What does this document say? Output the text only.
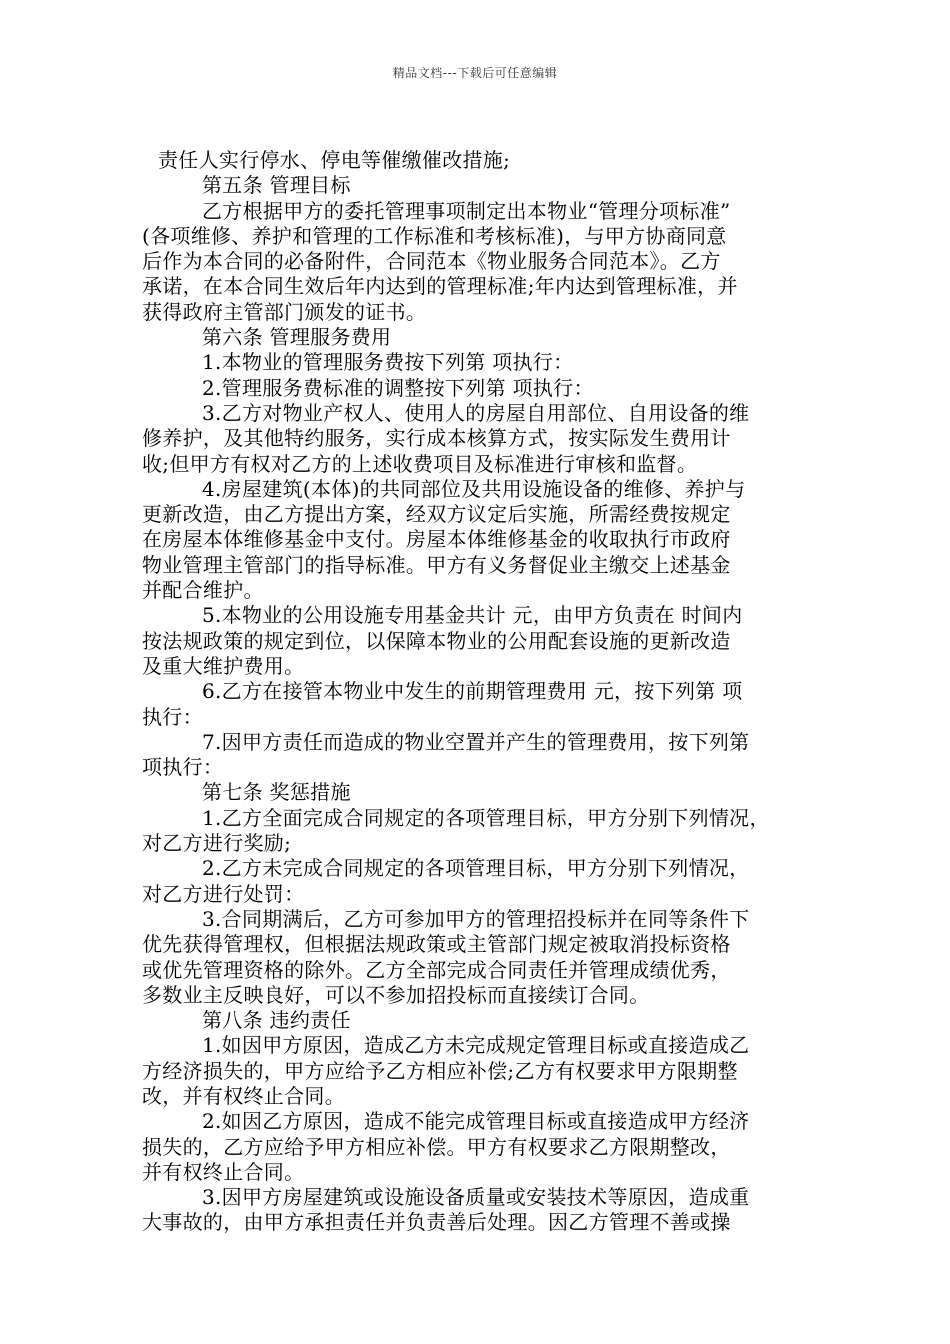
精品文档---下载后可任意编辑
责任人实行停水、停电等催缴催改措施;
第五条 管理目标
乙方根据甲方的委托管理事项制定出本物业“管理分项标准”
(各项维修、养护和管理的工作标准和考核标准)，与甲方协商同意
后作为本合同的必备附件，合同范本《物业服务合同范本》。乙方
承诺，在本合同生效后年内达到的管理标准;年内达到管理标准，并
获得政府主管部门颁发的证书。
第六条 管理服务费用
1.本物业的管理服务费按下列第 项执行：
2.管理服务费标准的调整按下列第 项执行：
3.乙方对物业产权人、使用人的房屋自用部位、自用设备的维
修养护，及其他特约服务，实行成本核算方式，按实际发生费用计
收;但甲方有权对乙方的上述收费项目及标准进行审核和监督。
4.房屋建筑(本体)的共同部位及共用设施设备的维修、养护与
更新改造，由乙方提出方案，经双方议定后实施，所需经费按规定
在房屋本体维修基金中支付。房屋本体维修基金的收取执行市政府
物业管理主管部门的指导标准。甲方有义务督促业主缴交上述基金
并配合维护。
5.本物业的公用设施专用基金共计 元，由甲方负责在 时间内
按法规政策的规定到位，以保障本物业的公用配套设施的更新改造
及重大维护费用。
6.乙方在接管本物业中发生的前期管理费用 元，按下列第 项
执行：
7.因甲方责任而造成的物业空置并产生的管理费用，按下列第
项执行：
第七条 奖惩措施
1.乙方全面完成合同规定的各项管理目标，甲方分别下列情况，
对乙方进行奖励;
2.乙方未完成合同规定的各项管理目标，甲方分别下列情况，
对乙方进行处罚：
3.合同期满后，乙方可参加甲方的管理招投标并在同等条件下
优先获得管理权，但根据法规政策或主管部门规定被取消投标资格
或优先管理资格的除外。乙方全部完成合同责任并管理成绩优秀，
多数业主反映良好，可以不参加招投标而直接续订合同。
第八条 违约责任
1.如因甲方原因，造成乙方未完成规定管理目标或直接造成乙
方经济损失的，甲方应给予乙方相应补偿;乙方有权要求甲方限期整
改，并有权终止合同。
2.如因乙方原因，造成不能完成管理目标或直接造成甲方经济
损失的，乙方应给予甲方相应补偿。甲方有权要求乙方限期整改，
并有权终止合同。
3.因甲方房屋建筑或设施设备质量或安装技术等原因，造成重
大事故的，由甲方承担责任并负责善后处理。因乙方管理不善或操
